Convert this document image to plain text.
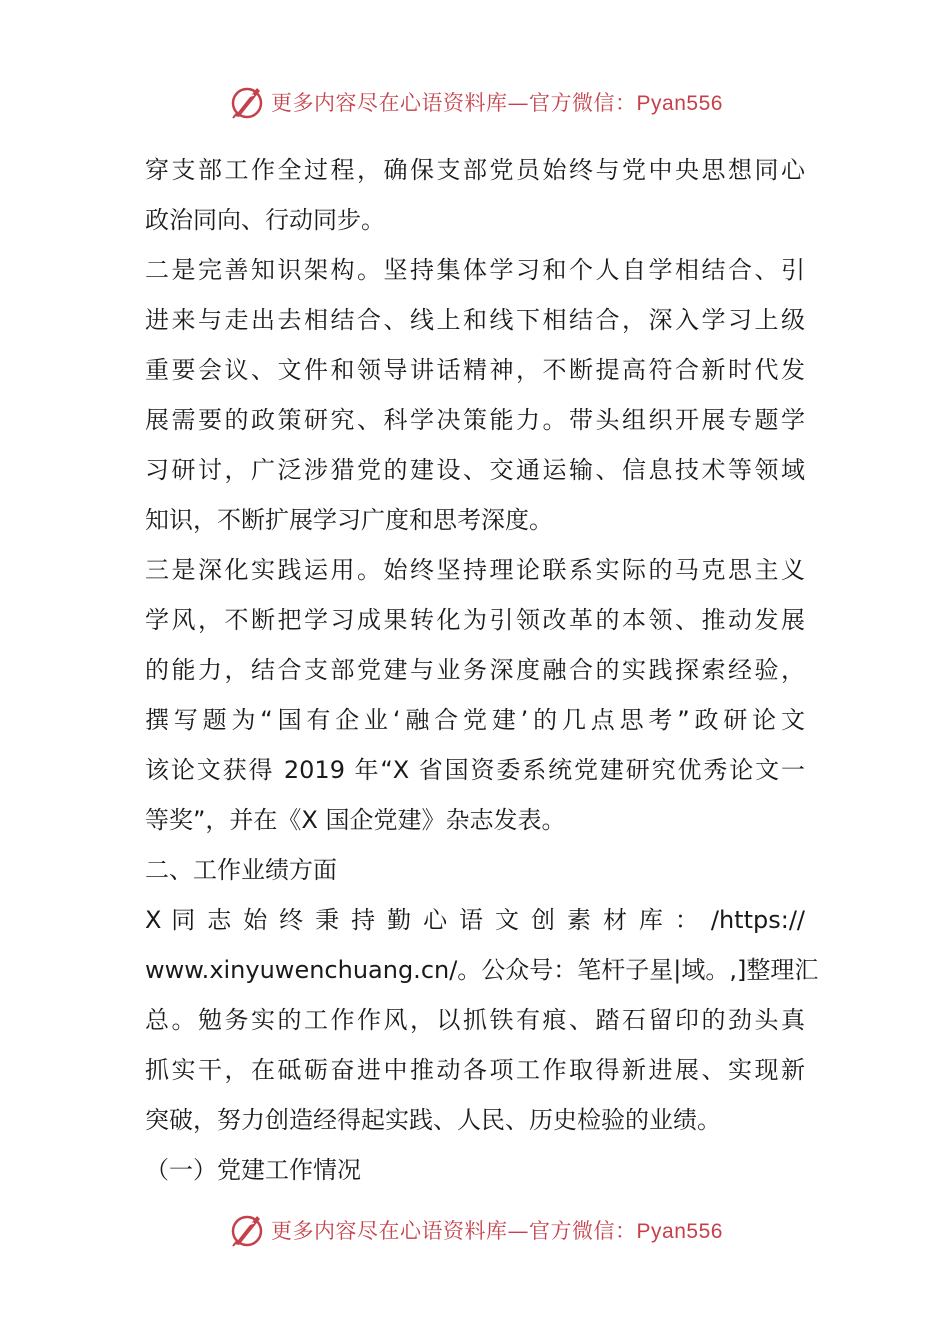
更多内容尽在心语资料库—官方微信：Pyan556
穿支部工作全过程，确保支部党员始终与党中央思想同心
政治同向、行动同步。
二是完善知识架构。坚持集体学习和个人自学相结合、引
进来与走出去相结合、线上和线下相结合，深入学习上级
重要会议、文件和领导讲话精神，不断提高符合新时代发
展需要的政策研究、科学决策能力。带头组织开展专题学
习研讨，广泛涉猎党的建设、交通运输、信息技术等领域
知识，不断扩展学习广度和思考深度。
三是深化实践运用。始终坚持理论联系实际的马克思主义
学风，不断把学习成果转化为引领改革的本领、推动发展
的能力，结合支部党建与业务深度融合的实践探索经验，
撰写题为“国有企业‘融合党建’的几点思考”政研论文
该论文获得 2019 年“X 省国资委系统党建研究优秀论文一
等奖”，并在《X 国企党建》杂志发表。
二、工作业绩方面
X 同 志 始 终 秉 持 勤 心 语 文 创 素 材 库 ： /https://
www.xinyuwenchuang.cn/。公众号：笔杆子星|域。,]整理汇
总。勉务实的工作作风，以抓铁有痕、踏石留印的劲头真
抓实干，在砥砺奋进中推动各项工作取得新进展、实现新
突破，努力创造经得起实践、人民、历史检验的业绩。
（一）党建工作情况
更多内容尽在心语资料库—官方微信：Pyan556
